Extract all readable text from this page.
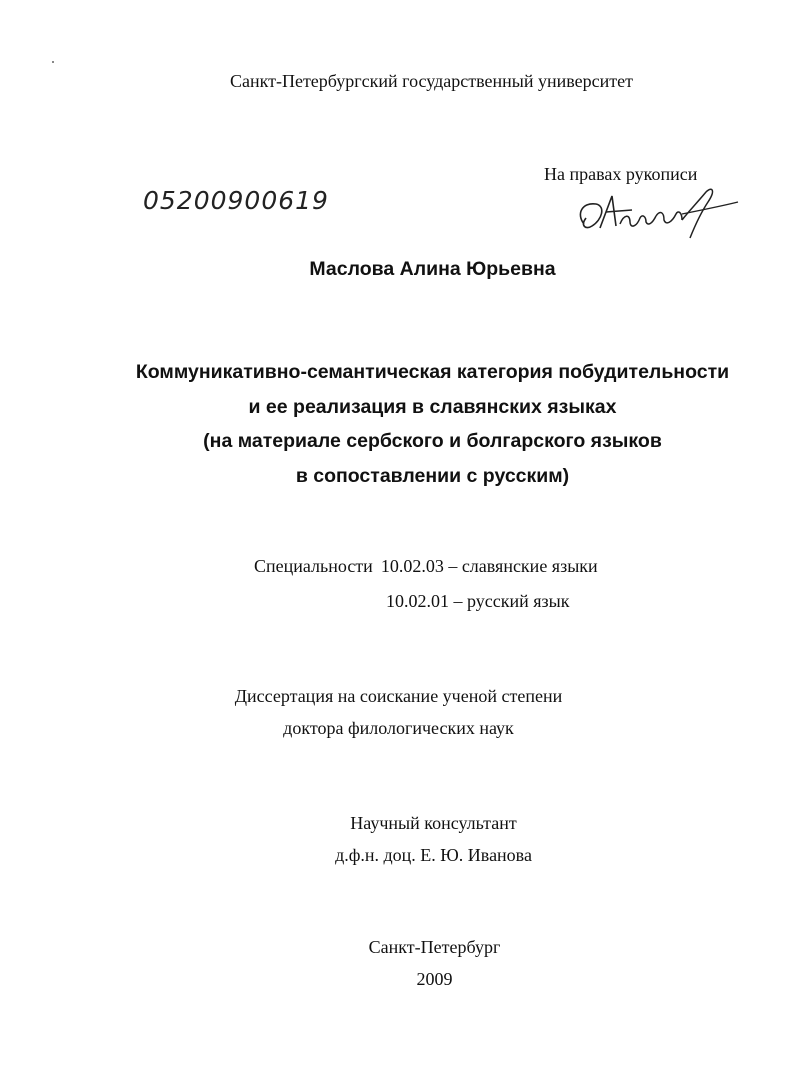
Санкт-Петербургский государственный университет
На правах рукописи
05200900619
Маслова Алина Юрьевна
Коммуникативно-семантическая категория побудительности
и ее реализация в славянских языках
(на материале сербского и болгарского языков
в сопоставлении с русским)
Специальности 10.02.03 – славянские языки
10.02.01 – русский язык
Диссертация на соискание ученой степени
доктора филологических наук
Научный консультант
д.ф.н. доц. Е. Ю. Иванова
Санкт-Петербург
2009
